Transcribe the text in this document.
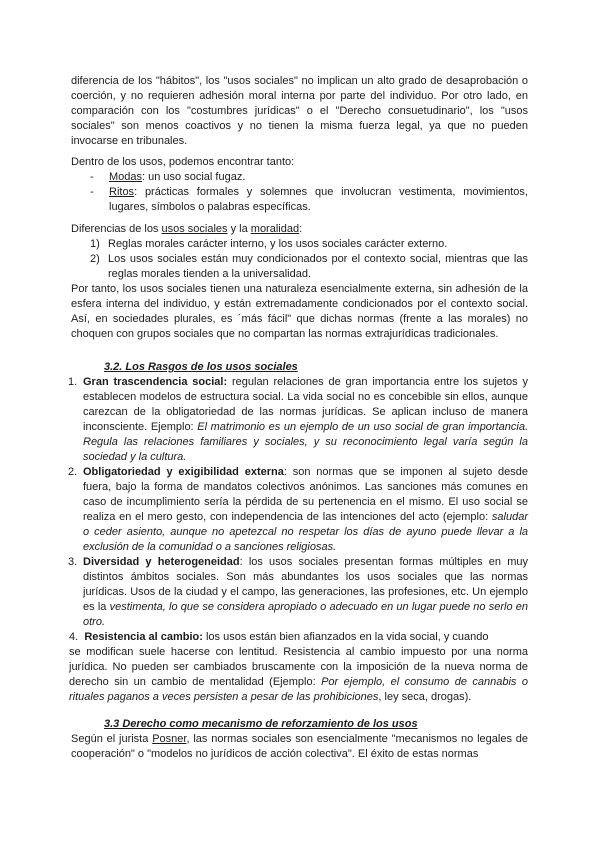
diferencia de los "hábitos", los "usos sociales" no implican un alto grado de desaprobación o coerción, y no requieren adhesión moral interna por parte del individuo. Por otro lado, en comparación con los "costumbres jurídicas" o el "Derecho consuetudinario", los "usos sociales" son menos coactivos y no tienen la misma fuerza legal, ya que no pueden invocarse en tribunales.

Dentro de los usos, podemos encontrar tanto:

- Modas: un uso social fugaz.
- Ritos: prácticas formales y solemnes que involucran vestimenta, movimientos, lugares, símbolos o palabras específicas.

Diferencias de los usos sociales y la moralidad:

1) Reglas morales carácter interno, y los usos sociales carácter externo.
2) Los usos sociales están muy condicionados por el contexto social, mientras que las reglas morales tienden a la universalidad.

Por tanto, los usos sociales tienen una naturaleza esencialmente externa, sin adhesión de la esfera interna del individuo, y están extremadamente condicionados por el contexto social. Así, en sociedades plurales, es ´más fácil" que dichas normas (frente a las morales) no choquen con grupos sociales que no compartan las normas extrajurídicas tradicionales.

3.2. Los Rasgos de los usos sociales
1. Gran trascendencia social: regulan relaciones de gran importancia entre los sujetos y establecen modelos de estructura social. La vida social no es concebible sin ellos, aunque carezcan de la obligatoriedad de las normas jurídicas. Se aplican incluso de manera inconsciente. Ejemplo: El matrimonio es un ejemplo de un uso social de gran importancia. Regula las relaciones familiares y sociales, y su reconocimiento legal varía según la sociedad y la cultura.
2. Obligatoriedad y exigibilidad externa: son normas que se imponen al sujeto desde fuera, bajo la forma de mandatos colectivos anónimos. Las sanciones más comunes en caso de incumplimiento sería la pérdida de su pertenencia en el mismo. El uso social se realiza en el mero gesto, con independencia de las intenciones del acto (ejemplo: saludar o ceder asiento, aunque no apetezcal no respetar los días de ayuno puede llevar a la exclusión de la comunidad o a sanciones religiosas.
3. Diversidad y heterogeneidad: los usos sociales presentan formas múltiples en muy distintos ámbitos sociales. Son más abundantes los usos sociales que las normas jurídicas. Usos de la ciudad y el campo, las generaciones, las profesiones, etc. Un ejemplo es la vestimenta, lo que se considera apropiado o adecuado en un lugar puede no serlo en otro.
4. Resistencia al cambio: los usos están bien afianzados en la vida social, y cuando
se modifican suele hacerse con lentitud. Resistencia al cambio impuesto por una norma jurídica. No pueden ser cambiados bruscamente con la imposición de la nueva norma de derecho sin un cambio de mentalidad (Ejemplo: Por ejemplo, el consumo de cannabis o rituales paganos a veces persisten a pesar de las prohibiciones, ley seca, drogas).
3.3 Derecho como mecanismo de reforzamiento de los usos

Según el jurista Posner, las normas sociales son esencialmente "mecanismos no legales de cooperación" o "modelos no jurídicos de acción colectiva". El éxito de estas normas
